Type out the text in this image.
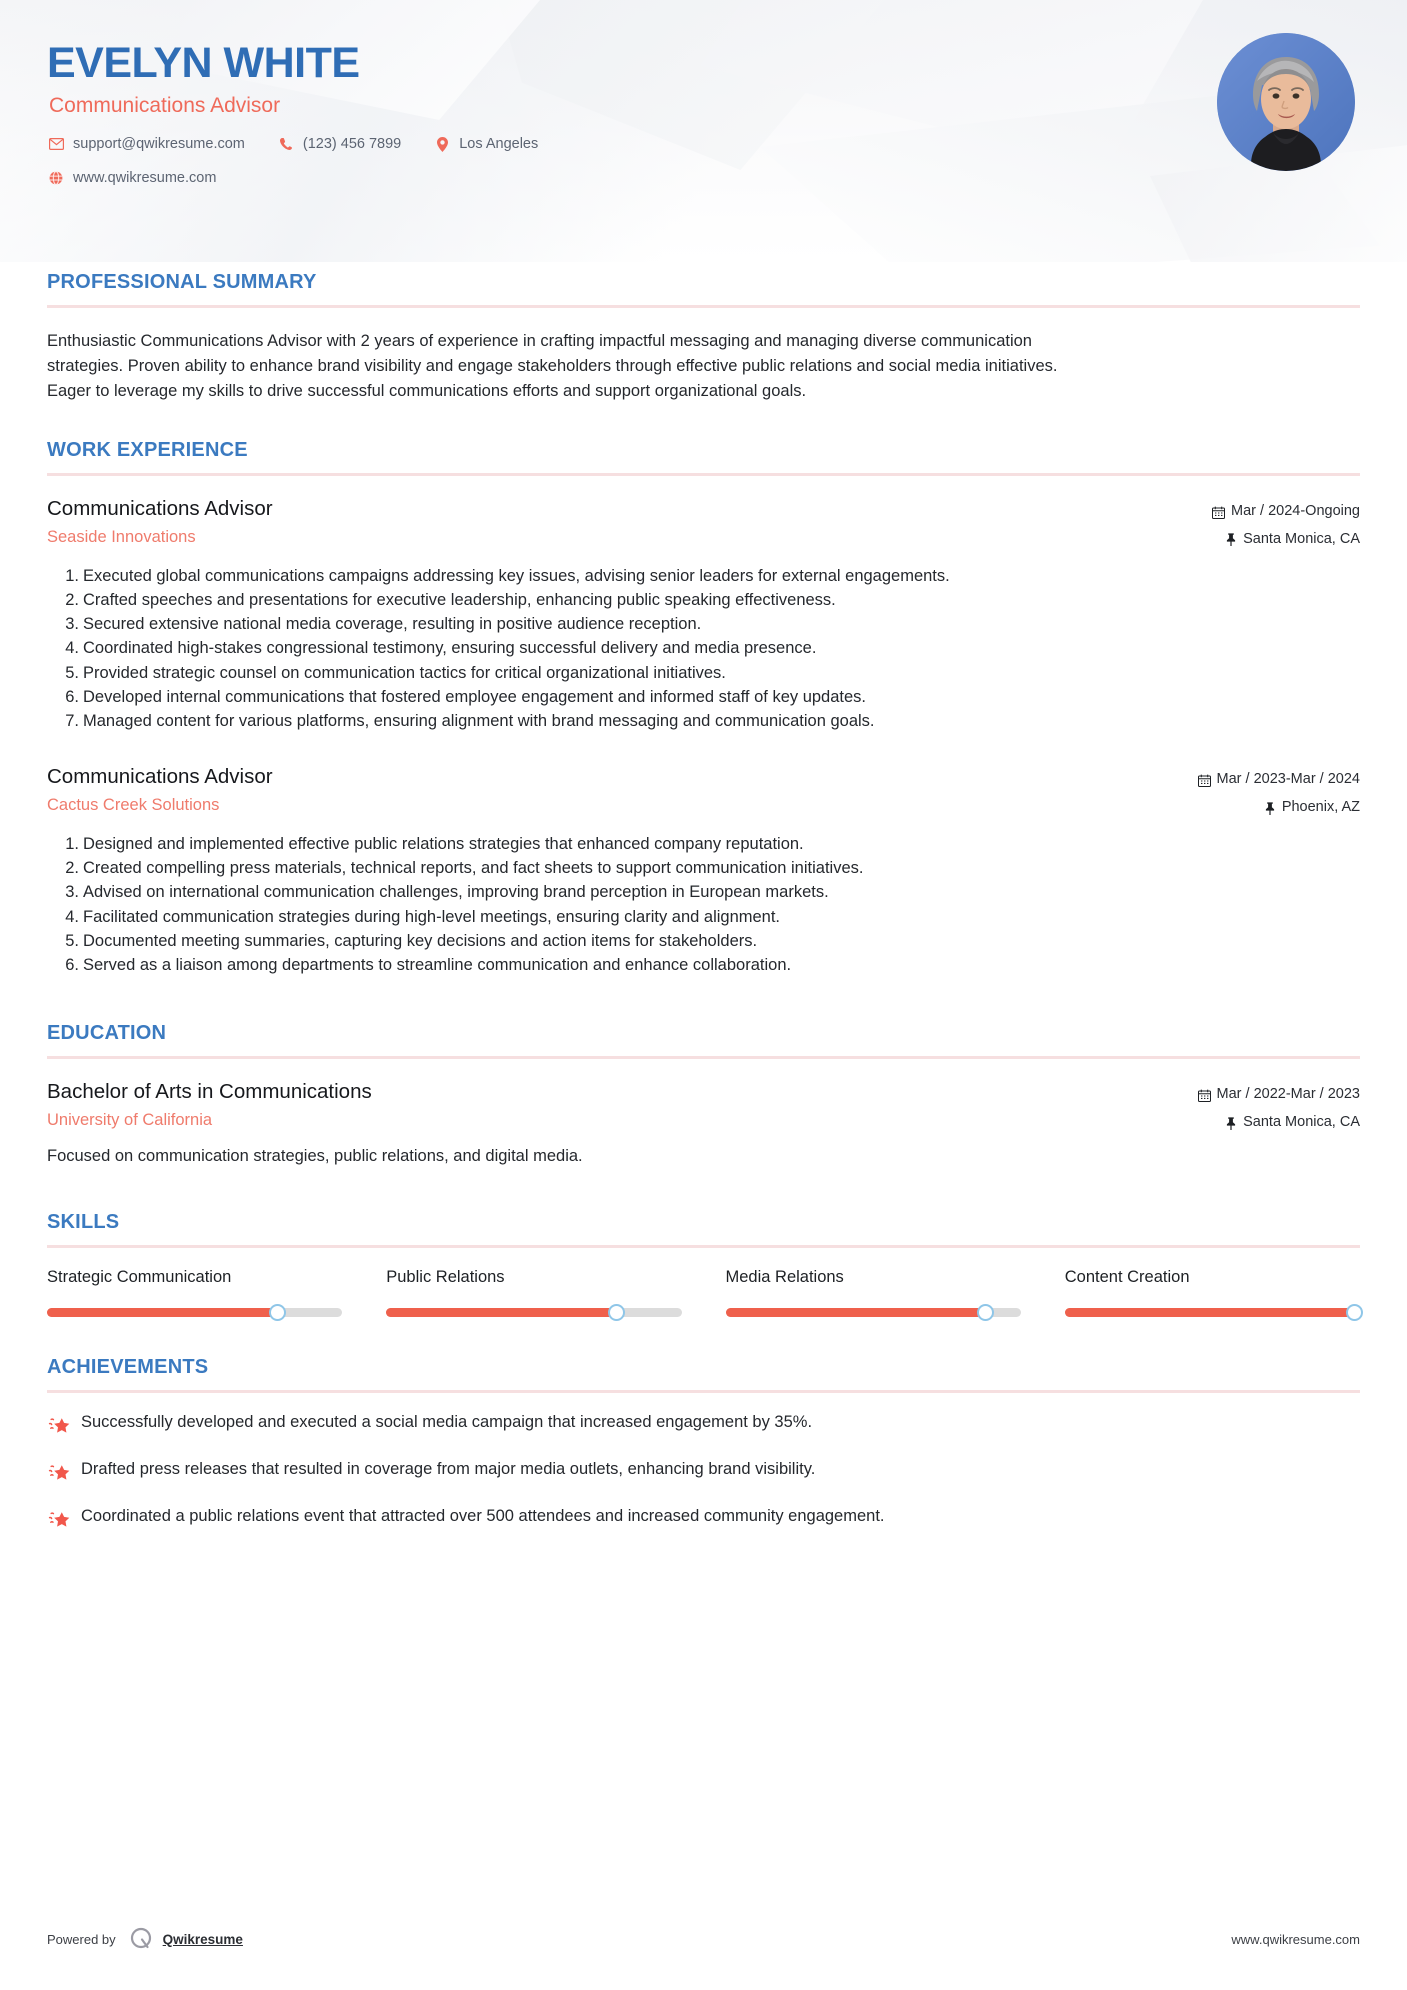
EVELYN WHITE
Communications Advisor
support@qwikresume.com	(123) 456 7899	Los Angeles
www.qwikresume.com
PROFESSIONAL SUMMARY

Enthusiastic Communications Advisor with 2 years of experience in crafting impactful messaging and managing diverse communication strategies. Proven ability to enhance brand visibility and engage stakeholders through effective public relations and social media initiatives. Eager to leverage my skills to drive successful communications efforts and support organizational goals.

WORK EXPERIENCE
Communications Advisor
Seaside Innovations
Mar / 2024-Ongoing
Santa Monica, CA
Executed global communications campaigns addressing key issues, advising senior leaders for external engagements.
Crafted speeches and presentations for executive leadership, enhancing public speaking effectiveness.
Secured extensive national media coverage, resulting in positive audience reception.
Coordinated high-stakes congressional testimony, ensuring successful delivery and media presence.
Provided strategic counsel on communication tactics for critical organizational initiatives.
Developed internal communications that fostered employee engagement and informed staff of key updates.
Managed content for various platforms, ensuring alignment with brand messaging and communication goals.
Communications Advisor
Cactus Creek Solutions
Mar / 2023-Mar / 2024
Phoenix, AZ
Designed and implemented effective public relations strategies that enhanced company reputation.
Created compelling press materials, technical reports, and fact sheets to support communication initiatives.
Advised on international communication challenges, improving brand perception in European markets.
Facilitated communication strategies during high-level meetings, ensuring clarity and alignment.
Documented meeting summaries, capturing key decisions and action items for stakeholders.
Served as a liaison among departments to streamline communication and enhance collaboration.
EDUCATION
Bachelor of Arts in Communications
University of California
Mar / 2022-Mar / 2023
Santa Monica, CA
Focused on communication strategies, public relations, and digital media.
SKILLS
Strategic Communication	Public Relations	Media Relations	Content Creation
ACHIEVEMENTS
Successfully developed and executed a social media campaign that increased engagement by 35%.
Drafted press releases that resulted in coverage from major media outlets, enhancing brand visibility.
Coordinated a public relations event that attracted over 500 attendees and increased community engagement.
Powered by	Qwikresume	www.qwikresume.com
